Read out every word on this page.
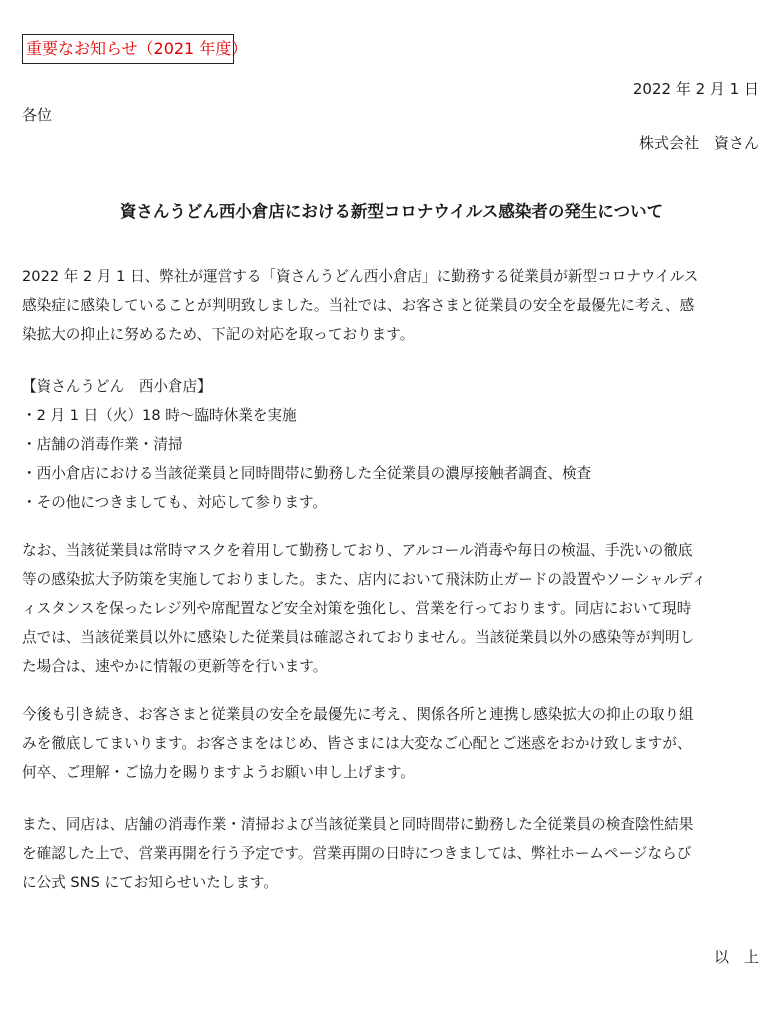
重要なお知らせ（2021 年度）
2022 年 2 月 1 日
各位
株式会社　資さん
資さんうどん西小倉店における新型コロナウイルス感染者の発生について
2022 年 2 月 1 日、弊社が運営する「資さんうどん西小倉店」に勤務する従業員が新型コロナウイルス
感染症に感染していることが判明致しました。当社では、お客さまと従業員の安全を最優先に考え、感
染拡大の抑止に努めるため、下記の対応を取っております。
【資さんうどん　西小倉店】
・2 月 1 日（火）18 時～臨時休業を実施
・店舗の消毒作業・清掃
・西小倉店における当該従業員と同時間帯に勤務した全従業員の濃厚接触者調査、検査
・その他につきましても、対応して参ります。
なお、当該従業員は常時マスクを着用して勤務しており、アルコール消毒や毎日の検温、手洗いの徹底
等の感染拡大予防策を実施しておりました。また、店内において飛沫防止ガードの設置やソーシャルディ
ィスタンスを保ったレジ列や席配置など安全対策を強化し、営業を行っております。同店において現時
点では、当該従業員以外に感染した従業員は確認されておりません。当該従業員以外の感染等が判明し
た場合は、速やかに情報の更新等を行います。
今後も引き続き、お客さまと従業員の安全を最優先に考え、関係各所と連携し感染拡大の抑止の取り組
みを徹底してまいります。お客さまをはじめ、皆さまには大変なご心配とご迷惑をおかけ致しますが、
何卒、ご理解・ご協力を賜りますようお願い申し上げます。
また、同店は、店舗の消毒作業・清掃および当該従業員と同時間帯に勤務した全従業員の検査陰性結果
を確認した上で、営業再開を行う予定です。営業再開の日時につきましては、弊社ホームページならび
に公式 SNS にてお知らせいたします。
以　上
